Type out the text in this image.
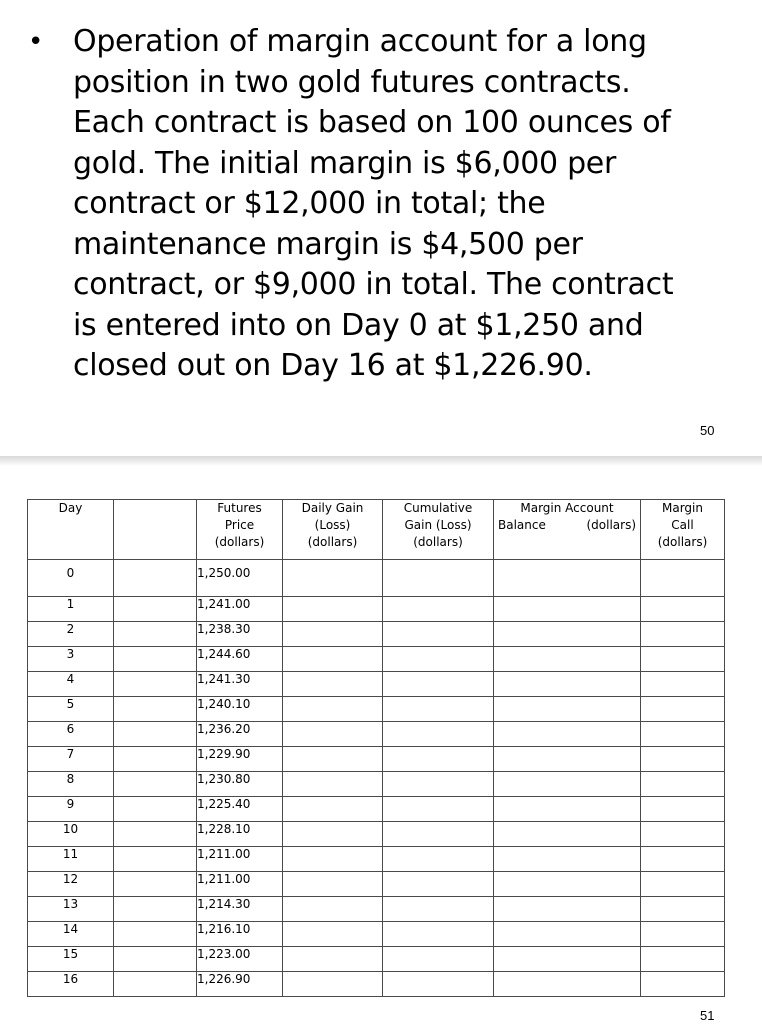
• Operation of margin account for a long
position in two gold futures contracts.
Each contract is based on 100 ounces of
gold. The initial margin is $6,000 per
contract or $12,000 in total; the
maintenance margin is $4,500 per
contract, or $9,000 in total. The contract
is entered into on Day 0 at $1,250 and
closed out on Day 16 at $1,226.90.
50
Day		Futures
Price
(dollars)	Daily Gain
(Loss)
(dollars)	Cumulative
Gain (Loss)
(dollars)	Margin Account
Balance (dollars)	Margin
Call
(dollars)

0		1,250.00				
1		1,241.00				
2		1,238.30				
3		1,244.60				
4		1,241.30				
5		1,240.10				
6		1,236.20				
7		1,229.90				
8		1,230.80				
9		1,225.40				
10		1,228.10				
11		1,211.00				
12		1,211.00				
13		1,214.30				
14		1,216.10				
15		1,223.00				
16		1,226.90				
51
